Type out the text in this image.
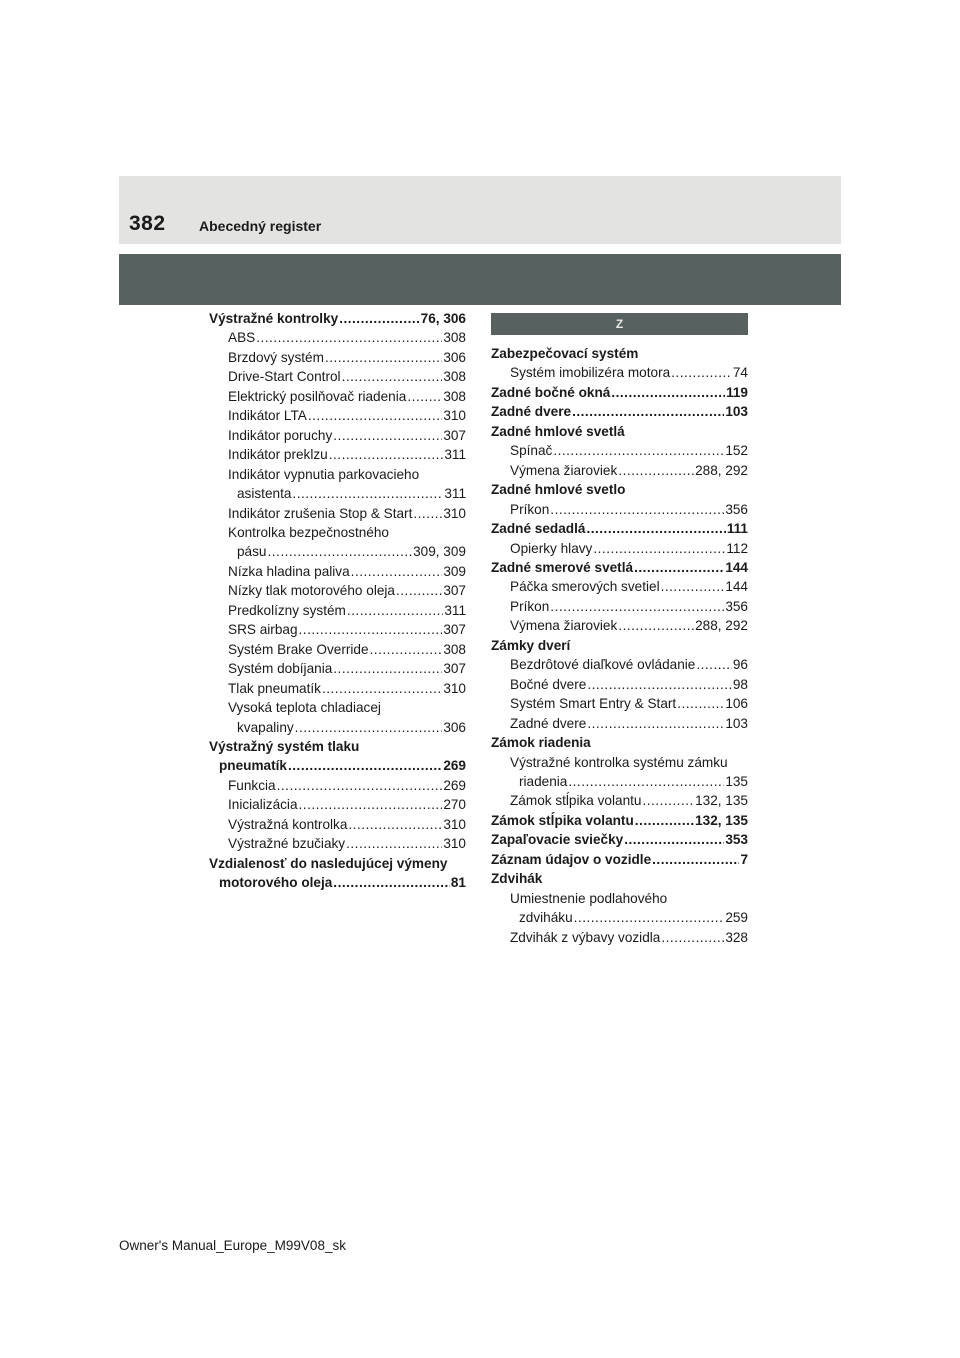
382 Abecedný register
Výstražné kontrolky .....	76, 306
ABS .....	308
Brzdový systém .....	306
Drive-Start Control .....	308
Elektrický posilňovač riadenia .....	308
Indikátor LTA .....	310
Indikátor poruchy .....	307
Indikátor preklzu .....	311
Indikátor vypnutia parkovacieho
asistenta .....	311
Indikátor zrušenia Stop & Start ..... 310
Kontrolka bezpečnostného
pásu .....	309, 309
Nízka hladina paliva .....	309
Nízky tlak motorového oleja .....	307
Predkolízny systém .....	311
SRS airbag .....	307
Systém Brake Override .....	308
Systém dobíjania .....	307
Tlak pneumatík .....	310
Vysoká teplota chladiacej
kvapaliny .....	306
Výstražný systém tlaku
pneumatík .....	269
Funkcia .....	269
Inicializácia .....	270
Výstražná kontrolka .....	310
Výstražné bzučiaky .....	310
Vzdialenosť do nasledujúcej výmeny
motorového oleja .....	81
Z
Zabezpečovací systém
Systém imobilizéra motora .....	74
Zadné bočné okná .....	119
Zadné dvere .....	103
Zadné hmlové svetlá
Spínač .....	152
Výmena žiaroviek .....	288, 292
Zadné hmlové svetlo
Príkon .....	356
Zadné sedadlá .....	111
Opierky hlavy .....	112
Zadné smerové svetlá .....	144
Páčka smerových svetiel .....	144
Príkon .....	356
Výmena žiaroviek .....	288, 292
Zámky dverí
Bezdrôtové diaľkové ovládanie .....	96
Bočné dvere .....	98
Systém Smart Entry & Start .....	106
Zadné dvere .....	103
Zámok riadenia
Výstražné kontrolka systému zámku
riadenia .....	135
Zámok stĺpika volantu .....	132, 135
Zámok stĺpika volantu .....	132, 135
Zapaľovacie sviečky .....	353
Záznam údajov o vozidle .....	7
Zdvihák
Umiestnenie podlahového
zdviháku .....	259
Zdvihák z výbavy vozidla .....	328
Owner's Manual_Europe_M99V08_sk
